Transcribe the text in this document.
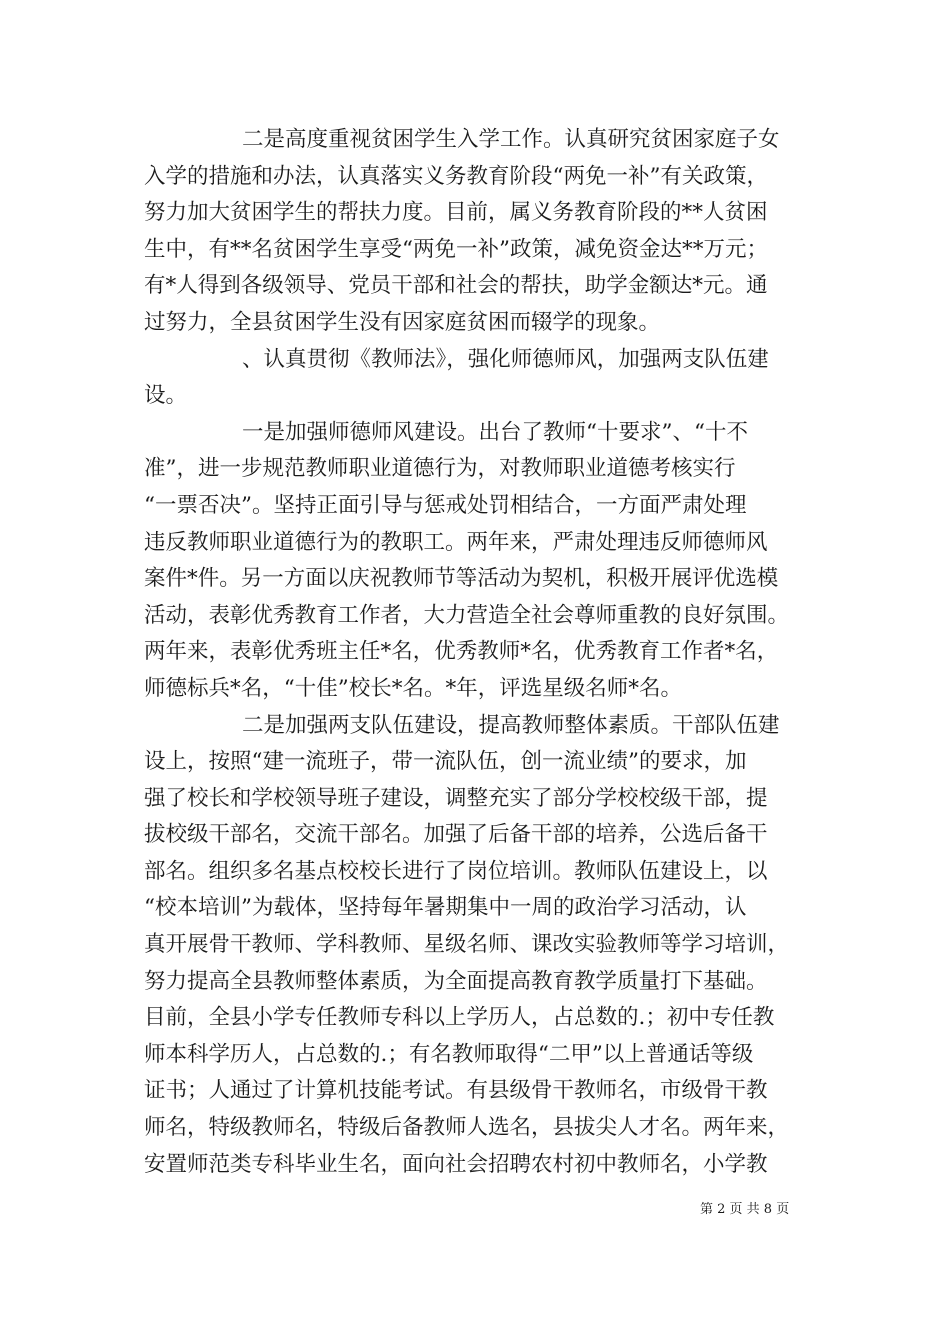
二是高度重视贫困学生入学工作。认真研究贫困家庭子女
入学的措施和办法，认真落实义务教育阶段“两免一补”有关政策，
努力加大贫困学生的帮扶力度。目前，属义务教育阶段的**人贫困
生中，有**名贫困学生享受“两免一补”政策，减免资金达**万元；
有*人得到各级领导、党员干部和社会的帮扶，助学金额达*元。通
过努力，全县贫困学生没有因家庭贫困而辍学的现象。
、认真贯彻《教师法》，强化师德师风，加强两支队伍建
设。
一是加强师德师风建设。出台了教师“十要求”、“十不
准”，进一步规范教师职业道德行为，对教师职业道德考核实行
“一票否决”。坚持正面引导与惩戒处罚相结合，一方面严肃处理
违反教师职业道德行为的教职工。两年来，严肃处理违反师德师风
案件*件。另一方面以庆祝教师节等活动为契机，积极开展评优选模
活动，表彰优秀教育工作者，大力营造全社会尊师重教的良好氛围。
两年来，表彰优秀班主任*名，优秀教师*名，优秀教育工作者*名，
师德标兵*名，“十佳”校长*名。*年，评选星级名师*名。
二是加强两支队伍建设，提高教师整体素质。干部队伍建
设上，按照“建一流班子，带一流队伍，创一流业绩”的要求，加
强了校长和学校领导班子建设，调整充实了部分学校校级干部，提
拔校级干部名，交流干部名。加强了后备干部的培养，公选后备干
部名。组织多名基点校校长进行了岗位培训。教师队伍建设上，以
“校本培训”为载体，坚持每年暑期集中一周的政治学习活动，认
真开展骨干教师、学科教师、星级名师、课改实验教师等学习培训，
努力提高全县教师整体素质，为全面提高教育教学质量打下基础。
目前，全县小学专任教师专科以上学历人，占总数的.；初中专任教
师本科学历人，占总数的.；有名教师取得“二甲”以上普通话等级
证书；人通过了计算机技能考试。有县级骨干教师名，市级骨干教
师名，特级教师名，特级后备教师人选名，县拔尖人才名。两年来，
安置师范类专科毕业生名，面向社会招聘农村初中教师名，小学教
第 2 页 共 8 页
